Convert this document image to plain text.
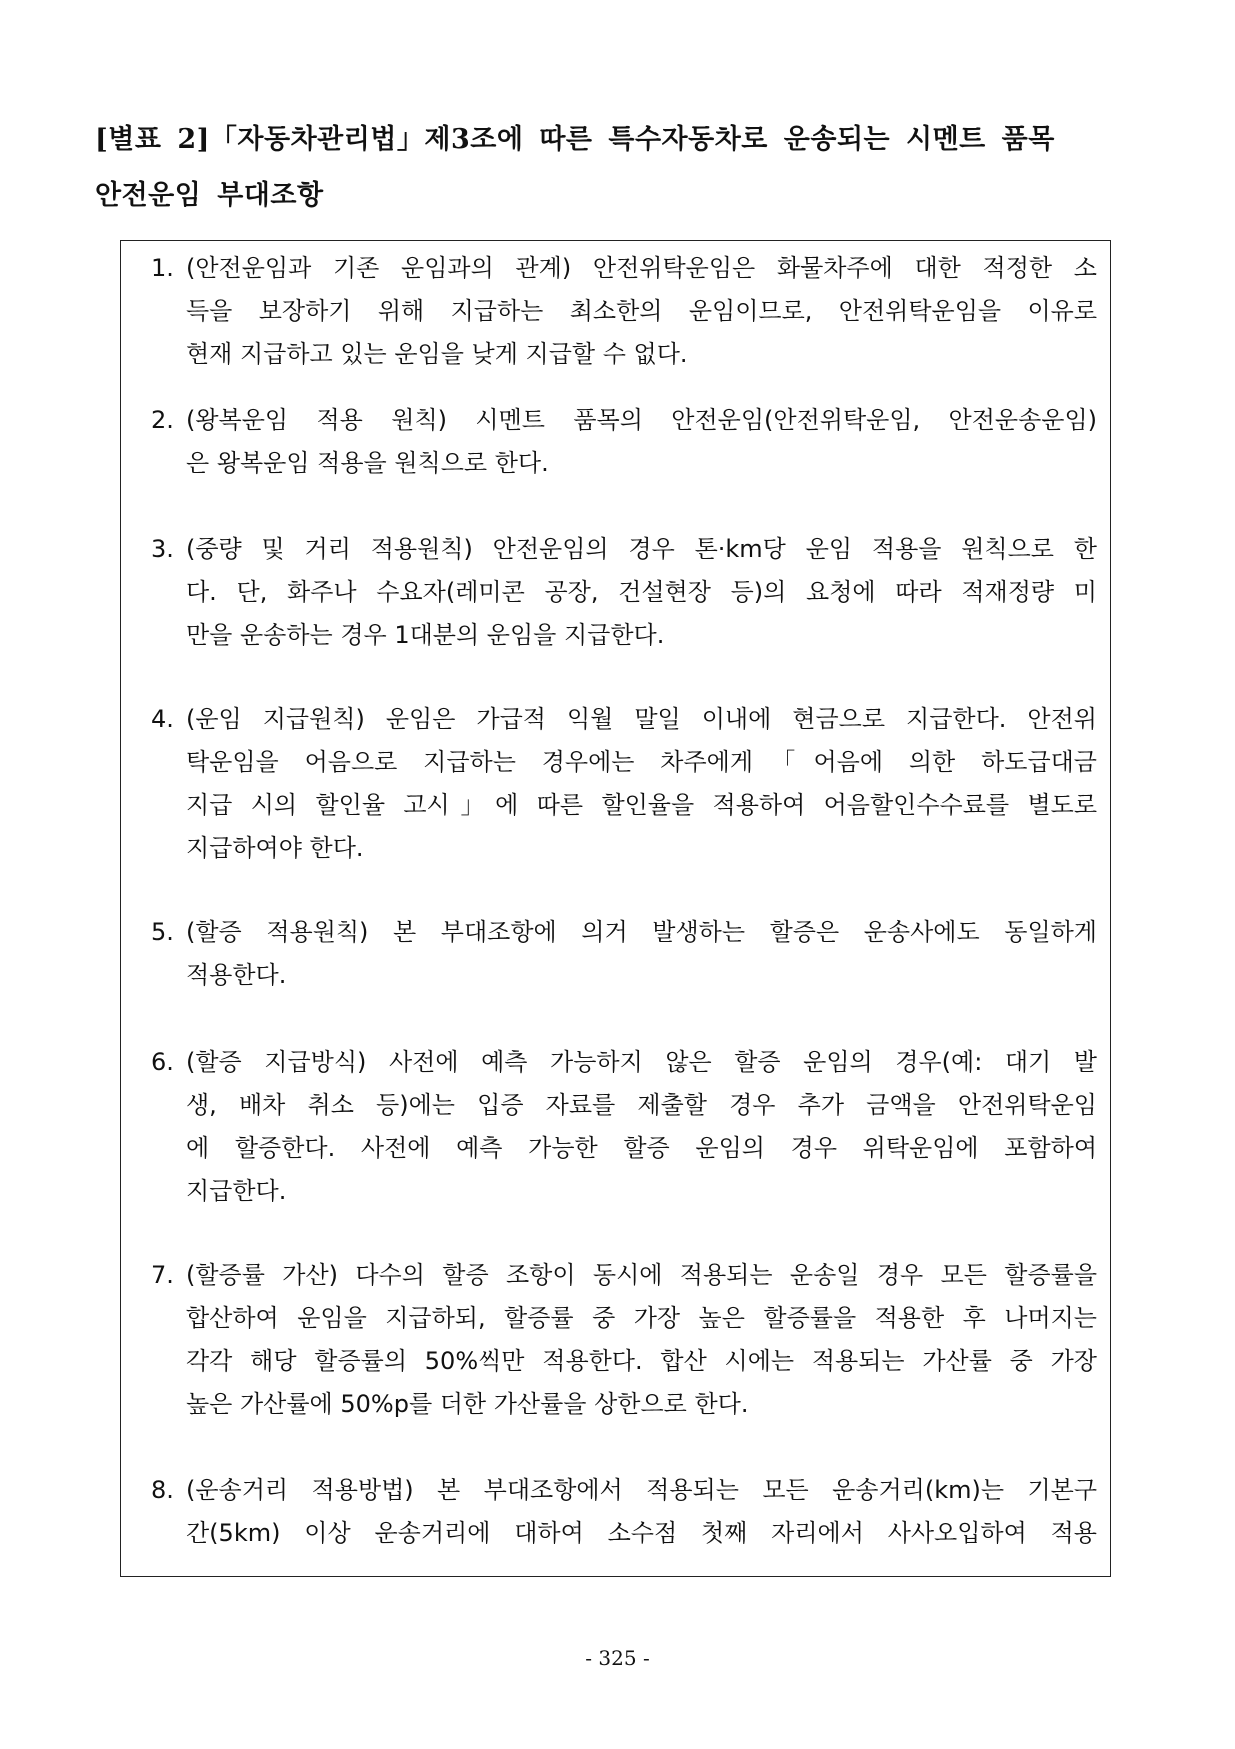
[별표 2]「자동차관리법」제3조에 따른 특수자동차로 운송되는 시멘트 품목
안전운임 부대조항
1. (안전운임과 기존 운임과의 관계) 안전위탁운임은 화물차주에 대한 적정한 소
득을 보장하기 위해 지급하는 최소한의 운임이므로, 안전위탁운임을 이유로
현재 지급하고 있는 운임을 낮게 지급할 수 없다.
2. (왕복운임 적용 원칙) 시멘트 품목의 안전운임(안전위탁운임, 안전운송운임)
은 왕복운임 적용을 원칙으로 한다.
3. (중량 및 거리 적용원칙) 안전운임의 경우 톤·km당 운임 적용을 원칙으로 한
다. 단, 화주나 수요자(레미콘 공장, 건설현장 등)의 요청에 따라 적재정량 미
만을 운송하는 경우 1대분의 운임을 지급한다.
4. (운임 지급원칙) 운임은 가급적 익월 말일 이내에 현금으로 지급한다. 안전위
탁운임을 어음으로 지급하는 경우에는 차주에게「어음에 의한 하도급대금
지급 시의 할인율 고시」에 따른 할인율을 적용하여 어음할인수수료를 별도로
지급하여야 한다.
5. (할증 적용원칙) 본 부대조항에 의거 발생하는 할증은 운송사에도 동일하게
적용한다.
6. (할증 지급방식) 사전에 예측 가능하지 않은 할증 운임의 경우(예: 대기 발
생, 배차 취소 등)에는 입증 자료를 제출할 경우 추가 금액을 안전위탁운임
에 할증한다. 사전에 예측 가능한 할증 운임의 경우 위탁운임에 포함하여
지급한다.
7. (할증률 가산) 다수의 할증 조항이 동시에 적용되는 운송일 경우 모든 할증률을
합산하여 운임을 지급하되, 할증률 중 가장 높은 할증률을 적용한 후 나머지는
각각 해당 할증률의 50%씩만 적용한다. 합산 시에는 적용되는 가산률 중 가장
높은 가산률에 50%p를 더한 가산률을 상한으로 한다.
8. (운송거리 적용방법) 본 부대조항에서 적용되는 모든 운송거리(km)는 기본구
간(5km) 이상 운송거리에 대하여 소수점 첫째 자리에서 사사오입하여 적용
- 325 -
